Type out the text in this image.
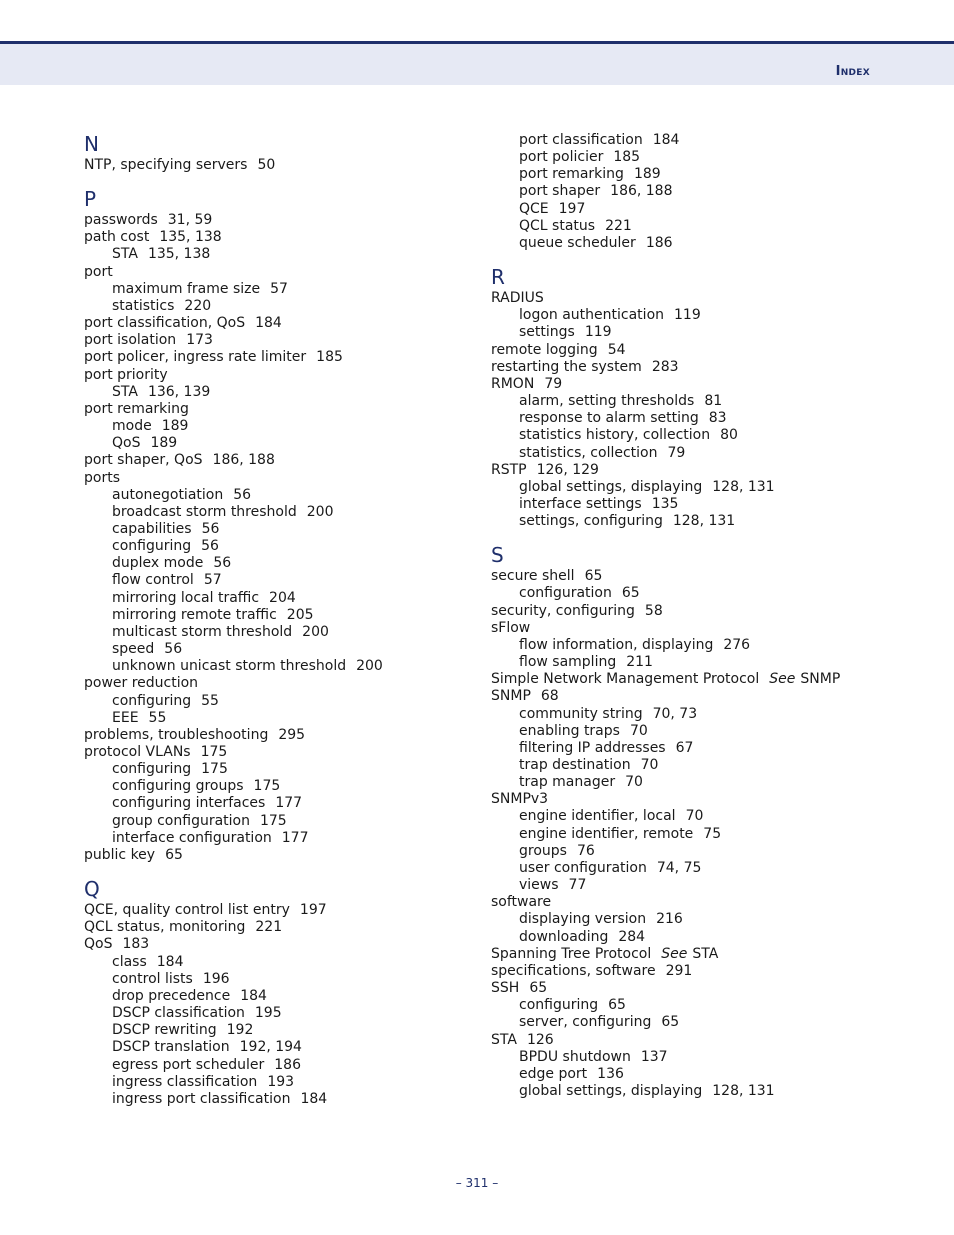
Index
N
NTP, specifying servers 50
P
passwords 31, 59
path cost 135, 138
STA 135, 138
port
maximum frame size 57
statistics 220
port classification, QoS 184
port isolation 173
port policer, ingress rate limiter 185
port priority
STA 136, 139
port remarking
mode 189
QoS 189
port shaper, QoS 186, 188
ports
autonegotiation 56
broadcast storm threshold 200
capabilities 56
configuring 56
duplex mode 56
flow control 57
mirroring local traffic 204
mirroring remote traffic 205
multicast storm threshold 200
speed 56
unknown unicast storm threshold 200
power reduction
configuring 55
EEE 55
problems, troubleshooting 295
protocol VLANs 175
configuring 175
configuring groups 175
configuring interfaces 177
group configuration 175
interface configuration 177
public key 65
Q
QCE, quality control list entry 197
QCL status, monitoring 221
QoS 183
class 184
control lists 196
drop precedence 184
DSCP classification 195
DSCP rewriting 192
DSCP translation 192, 194
egress port scheduler 186
ingress classification 193
ingress port classification 184
port classification 184
port policier 185
port remarking 189
port shaper 186, 188
QCE 197
QCL status 221
queue scheduler 186
R
RADIUS
logon authentication 119
settings 119
remote logging 54
restarting the system 283
RMON 79
alarm, setting thresholds 81
response to alarm setting 83
statistics history, collection 80
statistics, collection 79
RSTP 126, 129
global settings, displaying 128, 131
interface settings 135
settings, configuring 128, 131
S
secure shell 65
configuration 65
security, configuring 58
sFlow
flow information, displaying 276
flow sampling 211
Simple Network Management Protocol See SNMP
SNMP 68
community string 70, 73
enabling traps 70
filtering IP addresses 67
trap destination 70
trap manager 70
SNMPv3
engine identifier, local 70
engine identifier, remote 75
groups 76
user configuration 74, 75
views 77
software
displaying version 216
downloading 284
Spanning Tree Protocol See STA
specifications, software 291
SSH 65
configuring 65
server, configuring 65
STA 126
BPDU shutdown 137
edge port 136
global settings, displaying 128, 131
– 311 –
